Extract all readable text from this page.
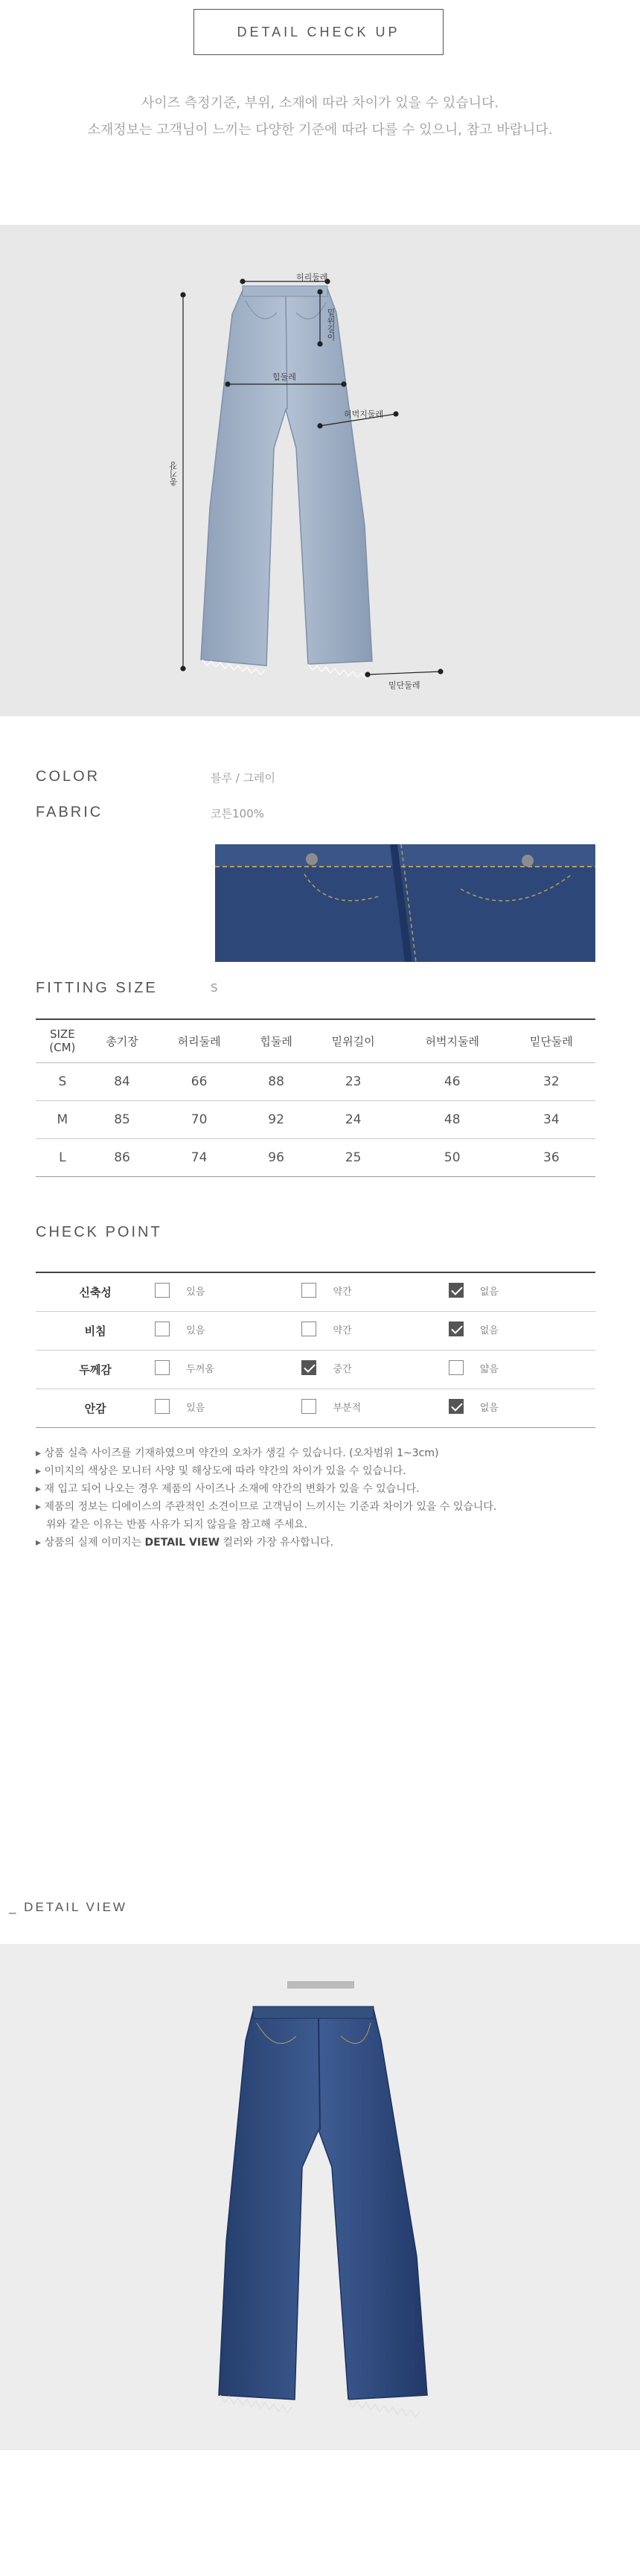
DETAIL CHECK UP
사이즈 측정기준, 부위, 소재에 따라 차이가 있을 수 있습니다.
소재정보는 고객님이 느끼는 다양한 기준에 따라 다를 수 있으니, 참고 바랍니다.
허리둘레
밑위길이
힙둘레
허벅지둘레
총기장
밑단둘레
COLOR	블루 / 그레이
FABRIC	코튼100%
FITTING SIZE	S
SIZE
(CM)	총기장	허리둘레	힙둘레	밑위길이	허벅지둘레	밑단둘레
S	84	66	88	23	46	32
M	85	70	92	24	48	34
L	86	74	96	25	50	36
CHECK POINT
신축성	있음	약간	없음

비침	있음	약간	없음

두께감	두꺼움	중간	얇음

안감	있음	부분적	없음
▸ 상품 실측 사이즈를 기재하였으며 약간의 오차가 생길 수 있습니다. (오차범위 1~3cm)
▸ 이미지의 색상은 모니터 사양 및 해상도에 따라 약간의 차이가 있을 수 있습니다.
▸ 재 입고 되어 나오는 경우 제품의 사이즈나 소재에 약간의 변화가 있을 수 있습니다.
▸ 제품의 정보는 디에이스의 주관적인 소견이므로 고객님이 느끼시는 기준과 차이가 있을 수 있습니다.
위와 같은 이유는 반품 사유가 되지 않음을 참고해 주세요.
▸ 상품의 실제 이미지는 DETAIL VIEW 컬러와 가장 유사합니다.
_ DETAIL VIEW
